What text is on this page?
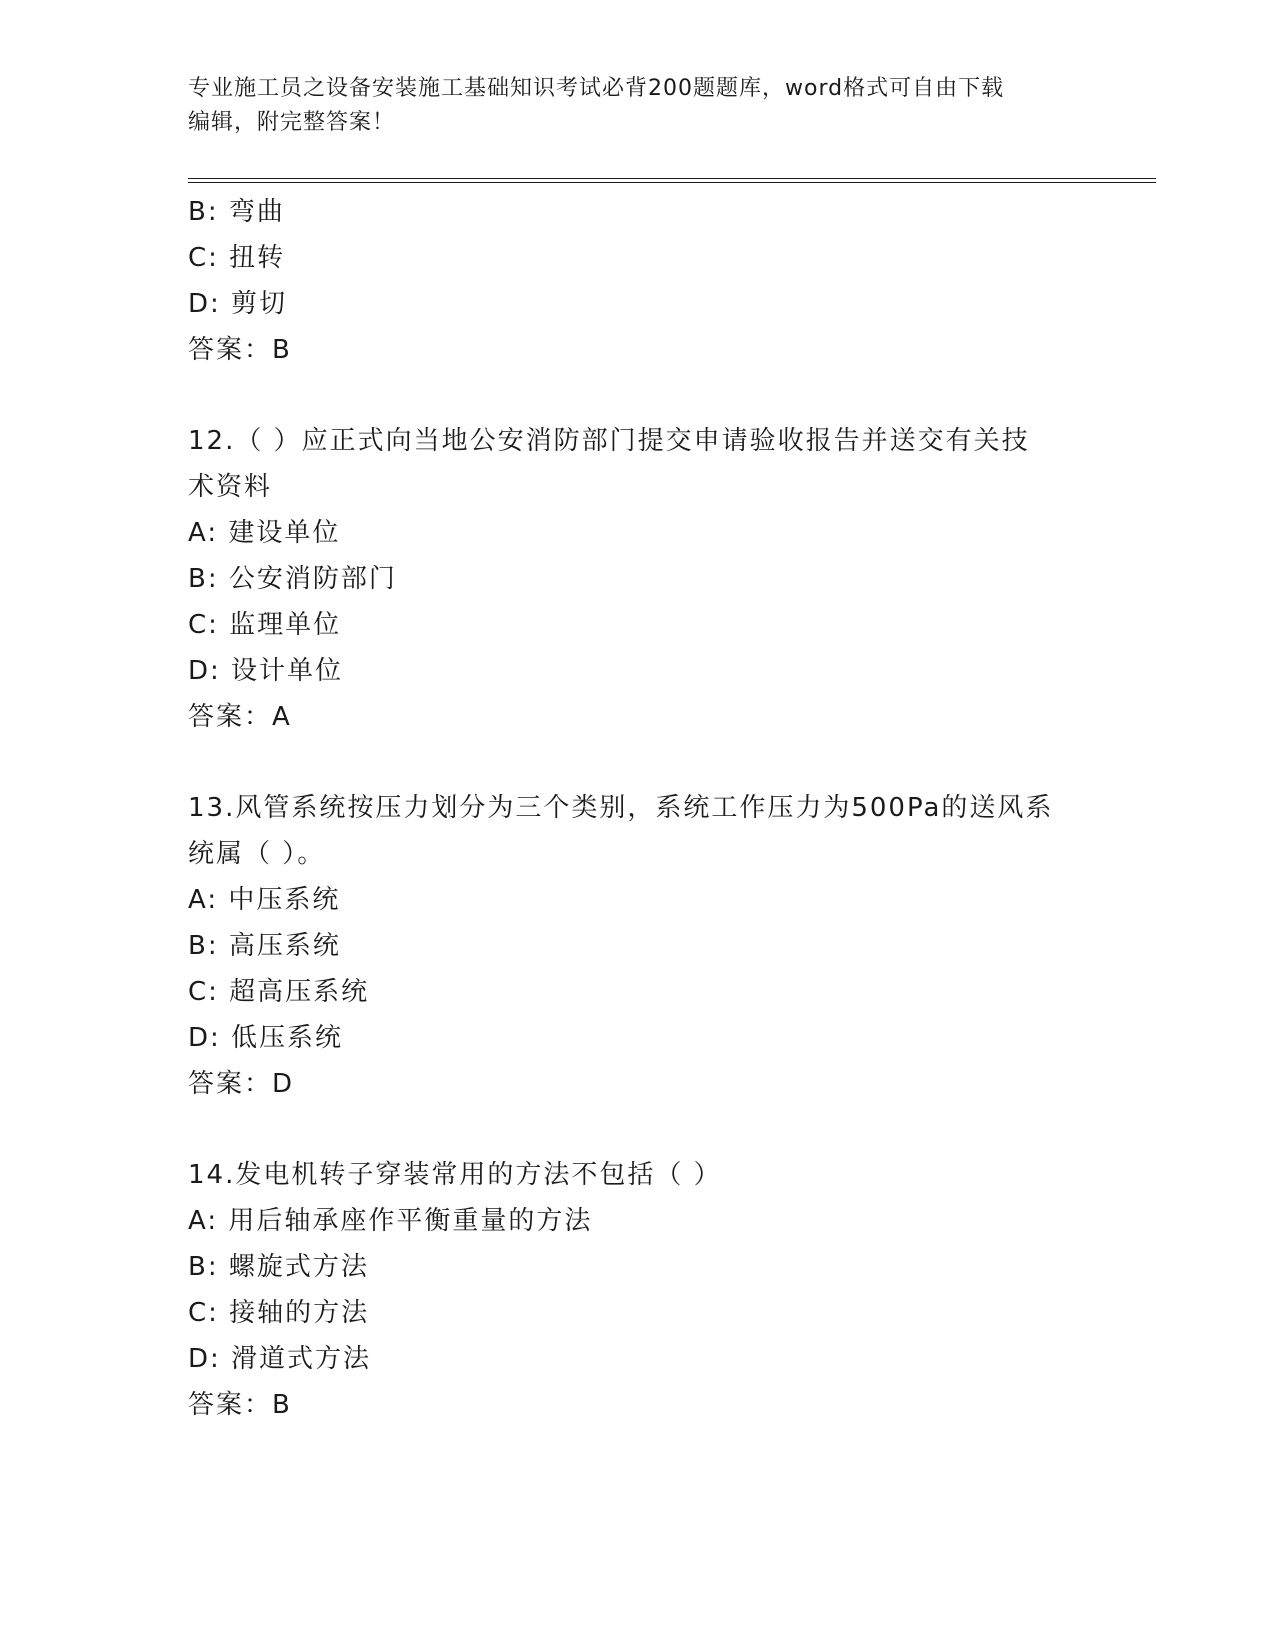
专业施工员之设备安装施工基础知识考试必背200题题库，word格式可自由下载
编辑，附完整答案！
B: 弯曲
C: 扭转
D: 剪切
答案：B
12.（ ）应正式向当地公安消防部门提交申请验收报告并送交有关技
术资料
A: 建设单位
B: 公安消防部门
C: 监理单位
D: 设计单位
答案：A
13.风管系统按压力划分为三个类别，系统工作压力为500Pa的送风系
统属（ ）。
A: 中压系统
B: 高压系统
C: 超高压系统
D: 低压系统
答案：D
14.发电机转子穿装常用的方法不包括（ ）
A: 用后轴承座作平衡重量的方法
B: 螺旋式方法
C: 接轴的方法
D: 滑道式方法
答案：B
